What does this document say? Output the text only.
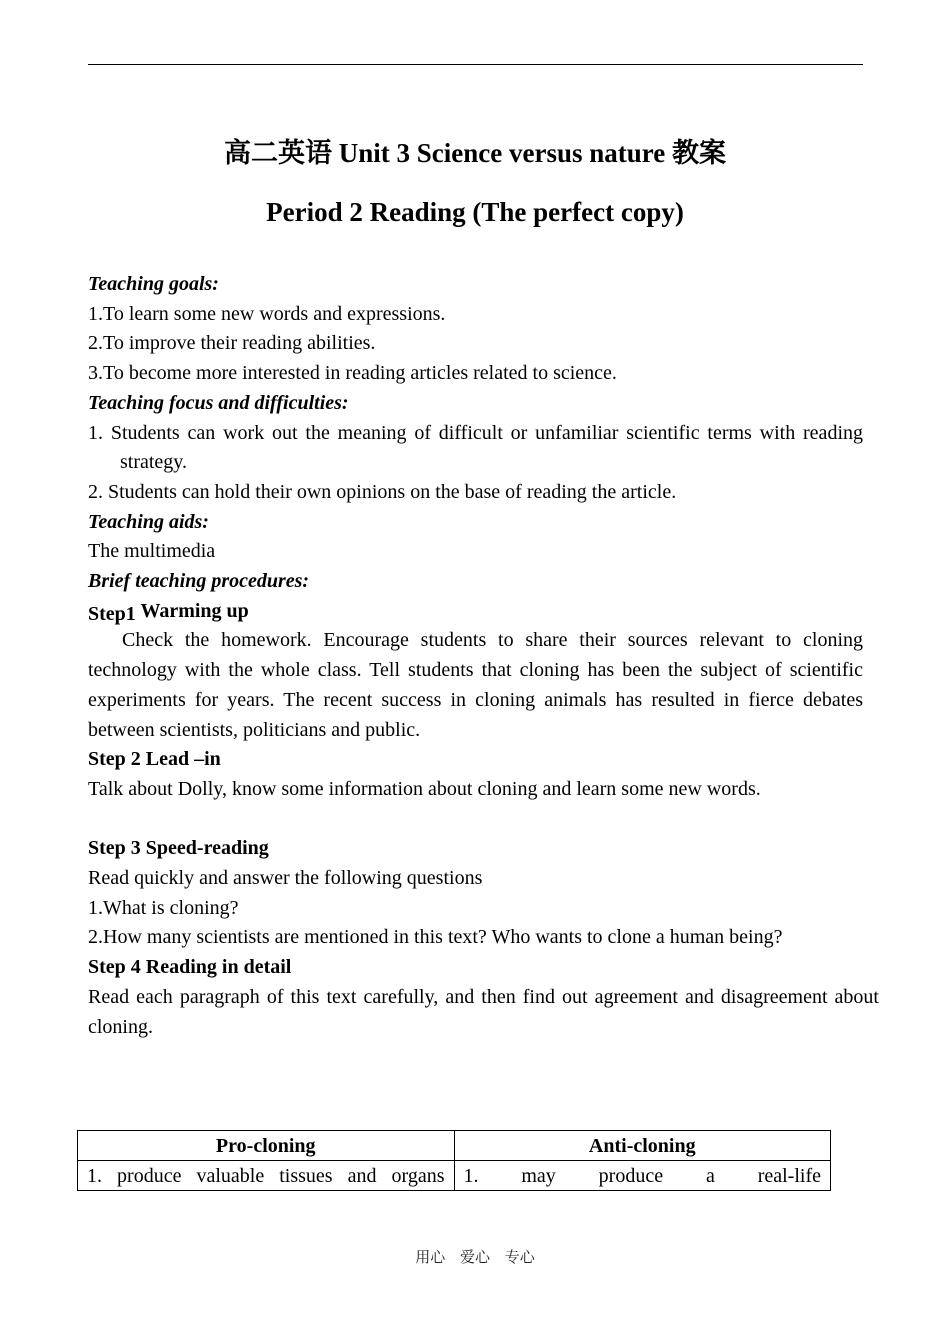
高二英语 Unit 3 Science versus nature 教案
Period 2 Reading (The perfect copy)

Teaching goals:

1.To learn some new words and expressions.

2.To improve their reading abilities.

3.To become more interested in reading articles related to science.

Teaching focus and difficulties:

1. Students can work out the meaning of difficult or unfamiliar scientific terms with reading strategy.

2. Students can hold their own opinions on the base of reading the article.

Teaching aids:

The multimedia

Brief teaching procedures:

Step1 Warming up

Check the homework. Encourage students to share their sources relevant to cloning technology with the whole class. Tell students that cloning has been the subject of scientific experiments for years. The recent success in cloning animals has resulted in fierce debates between scientists, politicians and public.

Step 2 Lead –in

Talk about Dolly, know some information about cloning and learn some new words.

Step 3 Speed-reading

Read quickly and answer the following questions

1.What is cloning?

2.How many scientists are mentioned in this text? Who wants to clone a human being?

Step 4 Reading in detail

Read each paragraph of this text carefully, and then find out agreement and disagreement about cloning.

Pro-cloning	Anti-cloning
1. produce valuable tissues and organs	1. may produce a real-life
用心 爱心 专心
